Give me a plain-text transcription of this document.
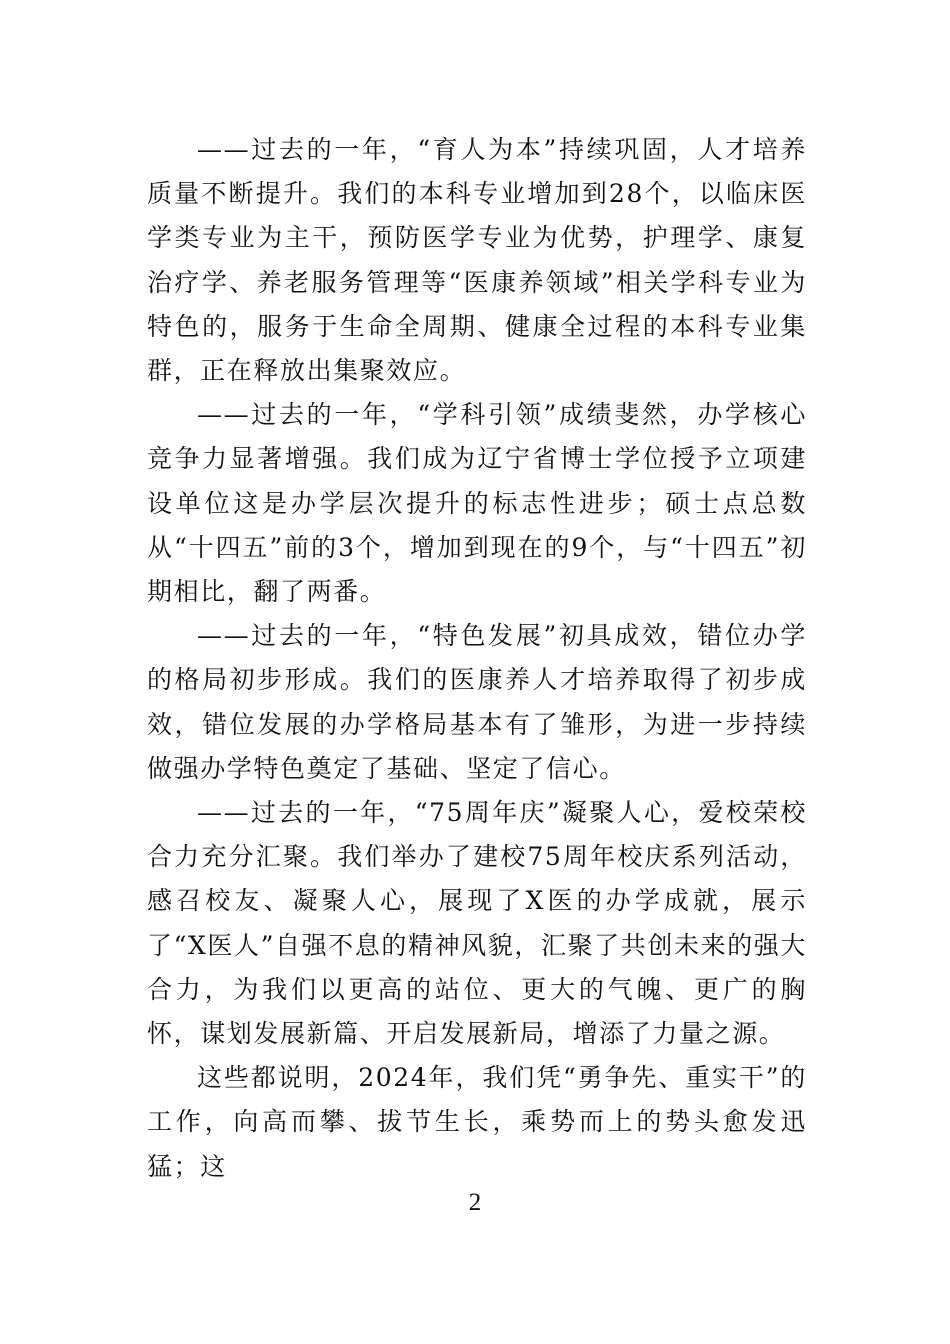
——过去的一年，“育人为本”持续巩固，人才培养质量不断提升。我们的本科专业增加到28个，以临床医学类专业为主干，预防医学专业为优势，护理学、康复治疗学、养老服务管理等“医康养领域”相关学科专业为特色的，服务于生命全周期、健康全过程的本科专业集群，正在释放出集聚效应。

——过去的一年，“学科引领”成绩斐然，办学核心竞争力显著增强。我们成为辽宁省博士学位授予立项建设单位这是办学层次提升的标志性进步；硕士点总数从“十四五”前的3个，增加到现在的9个，与“十四五”初期相比，翻了两番。

——过去的一年，“特色发展”初具成效，错位办学的格局初步形成。我们的医康养人才培养取得了初步成效，错位发展的办学格局基本有了雏形，为进一步持续做强办学特色奠定了基础、坚定了信心。

——过去的一年，“75周年庆”凝聚人心，爱校荣校合力充分汇聚。我们举办了建校75周年校庆系列活动，感召校友、凝聚人心，展现了X医的办学成就，展示了“X医人”自强不息的精神风貌，汇聚了共创未来的强大合力，为我们以更高的站位、更大的气魄、更广的胸怀，谋划发展新篇、开启发展新局，增添了力量之源。

这些都说明，2024年，我们凭“勇争先、重实干”的工作，向高而攀、拔节生长，乘势而上的势头愈发迅猛；这

2
